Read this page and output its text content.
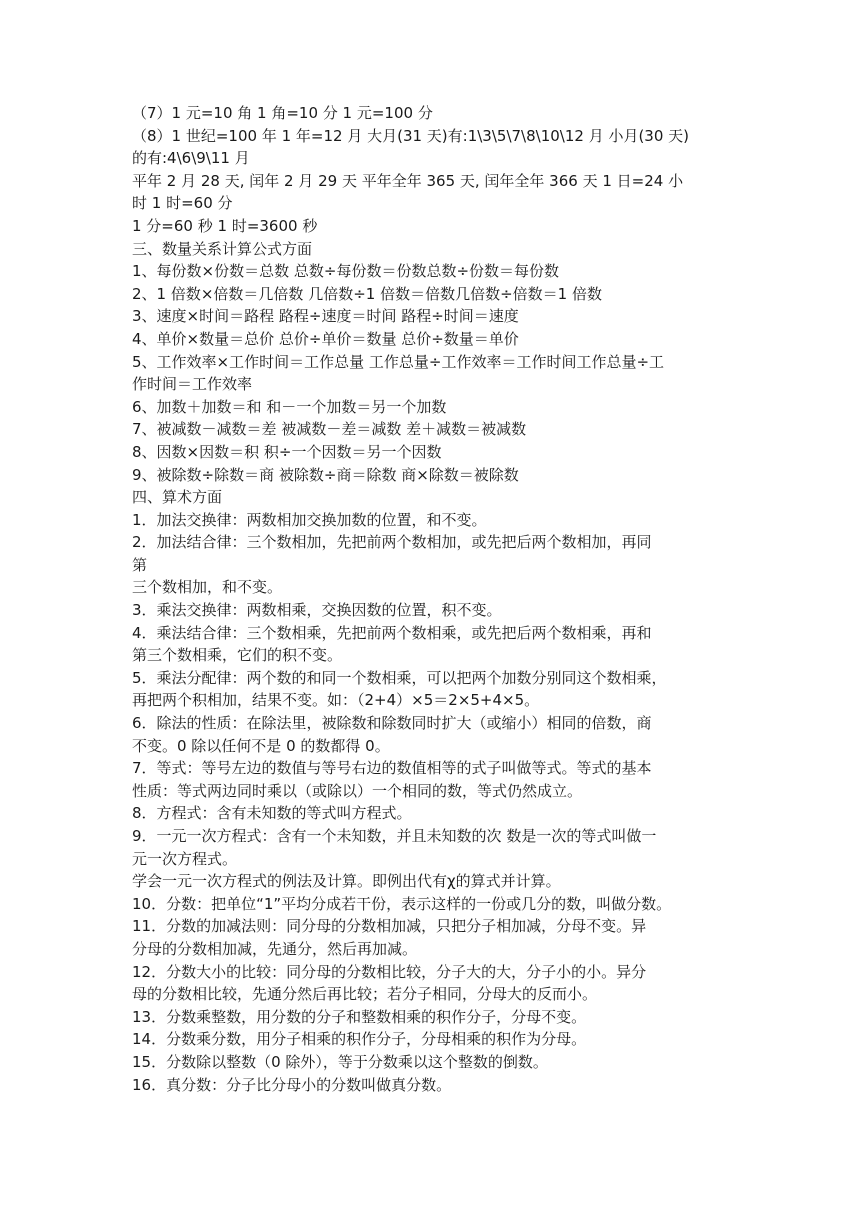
（7）1 元=10 角 1 角=10 分 1 元=100 分
（8）1 世纪=100 年 1 年=12 月 大月(31 天)有:1\3\5\7\8\10\12 月 小月(30 天)
的有:4\6\9\11 月
平年 2 月 28 天, 闰年 2 月 29 天 平年全年 365 天, 闰年全年 366 天 1 日=24 小
时 1 时=60 分
1 分=60 秒 1 时=3600 秒
三、数量关系计算公式方面
1、每份数×份数＝总数 总数÷每份数＝份数总数÷份数＝每份数
2、1 倍数×倍数＝几倍数 几倍数÷1 倍数＝倍数几倍数÷倍数＝1 倍数
3、速度×时间＝路程 路程÷速度＝时间 路程÷时间＝速度
4、单价×数量＝总价 总价÷单价＝数量 总价÷数量＝单价
5、工作效率×工作时间＝工作总量 工作总量÷工作效率＝工作时间工作总量÷工
作时间＝工作效率
6、加数＋加数＝和 和－一个加数＝另一个加数
7、被减数－减数＝差 被减数－差＝减数 差＋减数＝被减数
8、因数×因数＝积 积÷一个因数＝另一个因数
9、被除数÷除数＝商 被除数÷商＝除数 商×除数＝被除数
四、算术方面
1．加法交换律：两数相加交换加数的位置，和不变。
2．加法结合律：三个数相加，先把前两个数相加，或先把后两个数相加，再同
第
三个数相加，和不变。
3．乘法交换律：两数相乘，交换因数的位置，积不变。
4．乘法结合律：三个数相乘，先把前两个数相乘，或先把后两个数相乘，再和
第三个数相乘，它们的积不变。
5．乘法分配律：两个数的和同一个数相乘，可以把两个加数分别同这个数相乘，
再把两个积相加，结果不变。如：（2+4）×5＝2×5+4×5。
6．除法的性质：在除法里，被除数和除数同时扩大（或缩小）相同的倍数，商
不变。0 除以任何不是 0 的数都得 0。
7．等式：等号左边的数值与等号右边的数值相等的式子叫做等式。等式的基本
性质：等式两边同时乘以（或除以）一个相同的数，等式仍然成立。
8．方程式：含有未知数的等式叫方程式。
9．一元一次方程式：含有一个未知数，并且未知数的次 数是一次的等式叫做一
元一次方程式。
学会一元一次方程式的例法及计算。即例出代有χ的算式并计算。
10．分数：把单位“1”平均分成若干份，表示这样的一份或几分的数，叫做分数。
11．分数的加减法则：同分母的分数相加减，只把分子相加减，分母不变。异
分母的分数相加减，先通分，然后再加减。
12．分数大小的比较：同分母的分数相比较，分子大的大，分子小的小。异分
母的分数相比较，先通分然后再比较；若分子相同，分母大的反而小。
13．分数乘整数，用分数的分子和整数相乘的积作分子，分母不变。
14．分数乘分数，用分子相乘的积作分子，分母相乘的积作为分母。
15．分数除以整数（0 除外），等于分数乘以这个整数的倒数。
16．真分数：分子比分母小的分数叫做真分数。
